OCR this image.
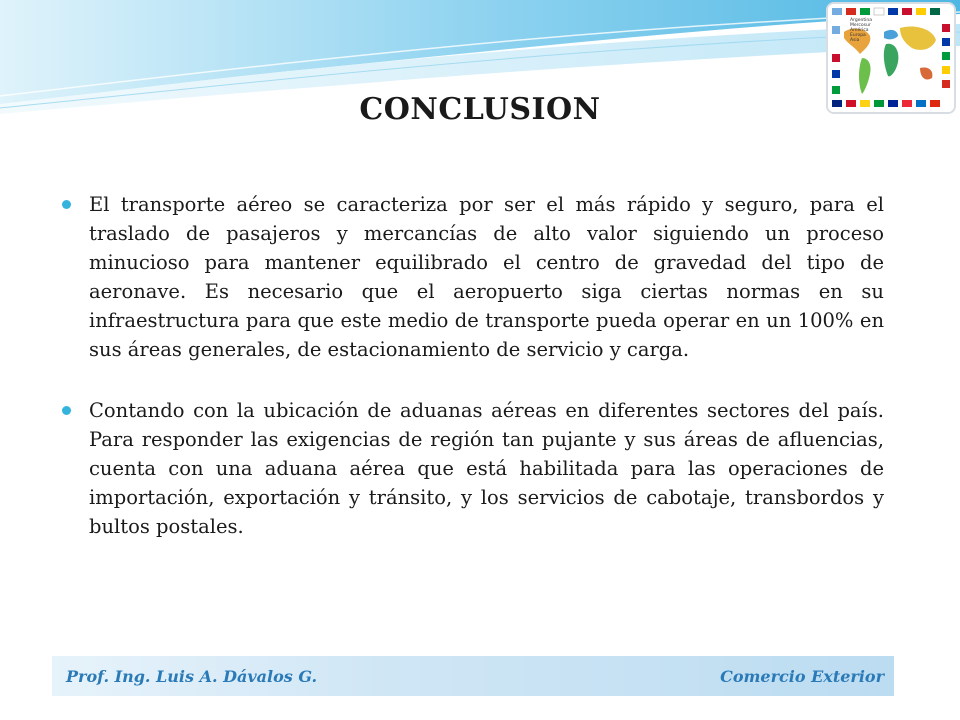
Argentina
Mercosur
América
Europa
Asia
CONCLUSION

El transporte aéreo se caracteriza por ser el más rápido y seguro, para el traslado de pasajeros y mercancías de alto valor siguiendo un proceso minucioso para mantener equilibrado el centro de gravedad del tipo de aeronave. Es necesario que el aeropuerto siga ciertas normas en su infraestructura para que este medio de transporte pueda operar en un 100% en sus áreas generales, de estacionamiento de servicio y carga.

Contando con la ubicación de aduanas aéreas en diferentes sectores del país. Para responder las exigencias de región tan pujante y sus áreas de afluencias, cuenta con una aduana aérea que está habilitada para las operaciones de importación, exportación y tránsito, y los servicios de cabotaje, transbordos y bultos postales.

Prof. Ing. Luis A. Dávalos G.	Comercio Exterior
